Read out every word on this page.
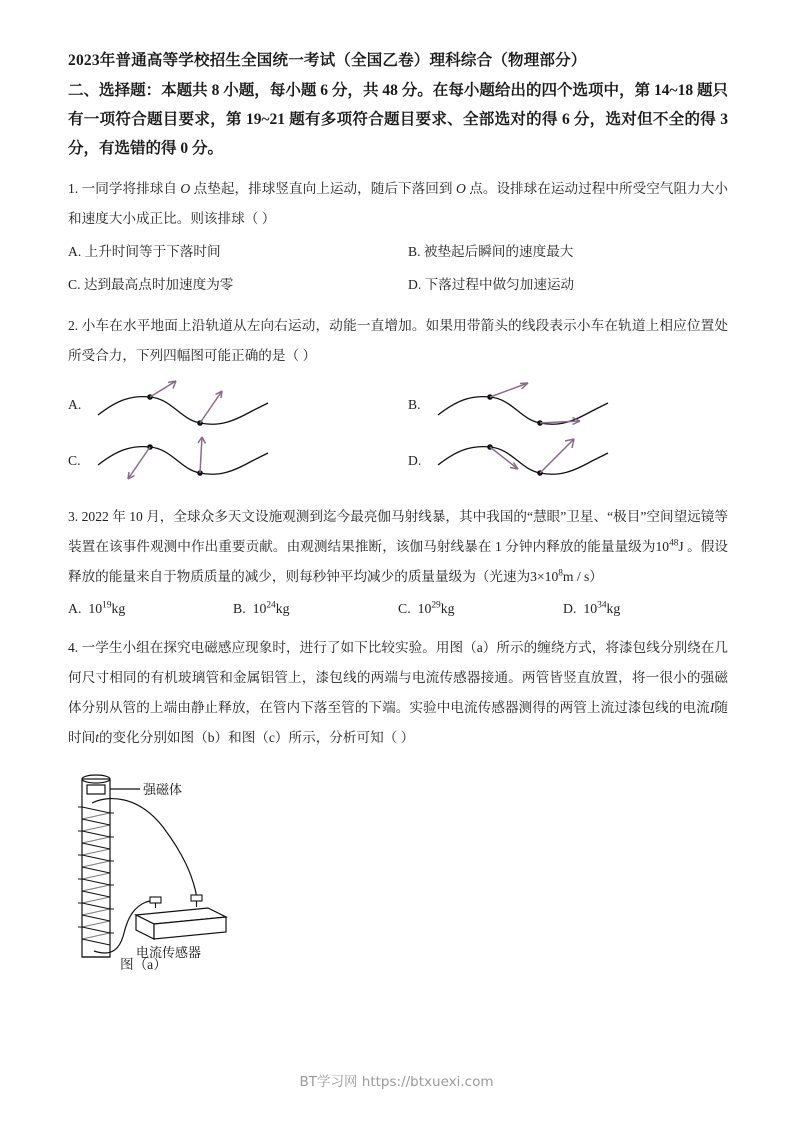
2023年普通高等学校招生全国统一考试（全国乙卷）理科综合（物理部分）
二、选择题：本题共 8 小题，每小题 6 分，共 48 分。在每小题给出的四个选项中，第 14~18 题只有一项符合题目要求，第 19~21 题有多项符合题目要求、全部选对的得 6 分，选对但不全的得 3 分，有选错的得 0 分。
1. 一同学将排球自 O 点垫起，排球竖直向上运动，随后下落回到 O 点。设排球在运动过程中所受空气阻力大小和速度大小成正比。则该排球（ ）
A. 上升时间等于下落时间	B. 被垫起后瞬间的速度最大
C. 达到最高点时加速度为零	D. 下落过程中做匀加速运动
2. 小车在水平地面上沿轨道从左向右运动，动能一直增加。如果用带箭头的线段表示小车在轨道上相应位置处所受合力，下列四幅图可能正确的是（ ）
A.	B.
C.	D.
3. 2022 年 10 月，全球众多天文设施观测到迄今最亮伽马射线暴，其中我国的“慧眼”卫星、“极目”空间望远镜等装置在该事件观测中作出重要贡献。由观测结果推断，该伽马射线暴在 1 分钟内释放的能量量级为$10^{48}J$ 。假设释放的能量来自于物质质量的减少，则每秒钟平均减少的质量量级为（光速为$3\times 10^8m / s$）
A. $10^{19}kg$	B. $10^{24}kg$	C. $10^{29}kg$	D. $10^{34}kg$
4. 一学生小组在探究电磁感应现象时，进行了如下比较实验。用图（a）所示的缠绕方式，将漆包线分别绕在几何尺寸相同的有机玻璃管和金属铝管上，漆包线的两端与电流传感器接通。两管皆竖直放置，将一很小的强磁体分别从管的上端由静止释放，在管内下落至管的下端。实验中电流传感器测得的两管上流过漆包线的电流I随时间t的变化分别如图（b）和图（c）所示，分析可知（ ）
强磁体
电流传感器
图（a）
BT学习网 https://btxuexi.com
